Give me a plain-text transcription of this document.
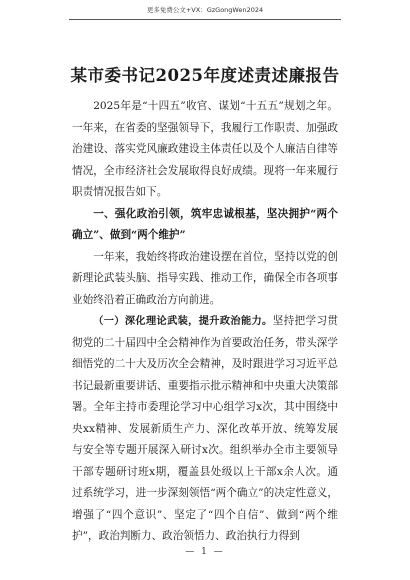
更多免费公文+VX：GzGongWen2024
某市委书记2025年度述责述廉报告

2025年是“十四五”收官、谋划“十五五”规划之年。一年来，在省委的坚强领导下，我履行工作职责、加强政治建设、落实党风廉政建设主体责任以及个人廉洁自律等情况，全市经济社会发展取得良好成绩。现将一年来履行职责情况报告如下。

一、强化政治引领，筑牢忠诚根基，坚决拥护“两个确立”、做到“两个维护”

一年来，我始终将政治建设摆在首位，坚持以党的创新理论武装头脑、指导实践、推动工作，确保全市各项事业始终沿着正确政治方向前进。

（一）深化理论武装，提升政治能力。坚持把学习贯彻党的二十届四中全会精神作为首要政治任务，带头深学细悟党的二十大及历次全会精神，及时跟进学习习近平总书记最新重要讲话、重要指示批示精神和中央重大决策部署。全年主持市委理论学习中心组学习x次，其中围绕中央xx精神、发展新质生产力、深化改革开放、统筹发展与安全等专题开展深入研讨x次。组织举办全市主要领导干部专题研讨班x期，覆盖县处级以上干部x余人次。通过系统学习，进一步深刻领悟“两个确立”的决定性意义，增强了“四个意识”、坚定了“四个自信”、做到“两个维护”，政治判断力、政治领悟力、政治执行力得到

— 1 —
